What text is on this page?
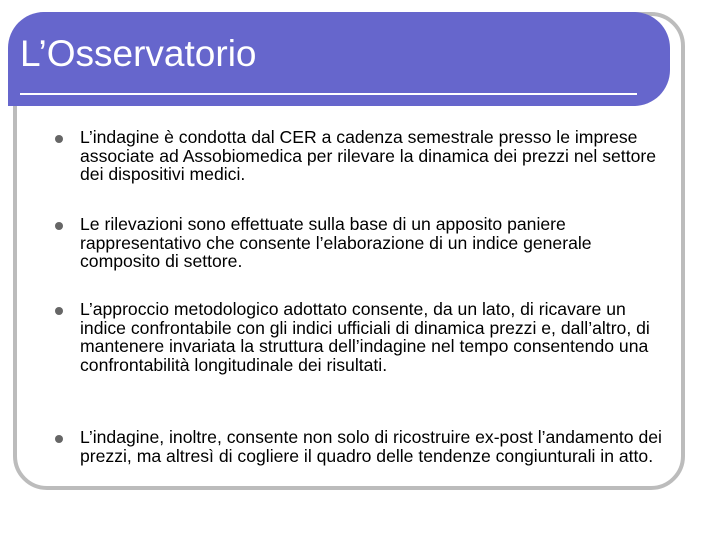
L’Osservatorio
L’indagine è condotta dal CER a cadenza semestrale presso le imprese associate ad Assobiomedica per rilevare la dinamica dei prezzi nel settore dei dispositivi medici.
Le rilevazioni sono effettuate sulla base di un apposito paniere rappresentativo che consente l’elaborazione di un indice generale composito di settore.
L’approccio metodologico adottato consente, da un lato, di ricavare un indice confrontabile con gli indici ufficiali di dinamica prezzi e, dall’altro, di mantenere invariata la struttura dell’indagine nel tempo consentendo una confrontabilità longitudinale dei risultati.
L’indagine, inoltre, consente non solo di ricostruire ex-post l’andamento dei prezzi, ma altresì di cogliere il quadro delle tendenze congiunturali in atto.
